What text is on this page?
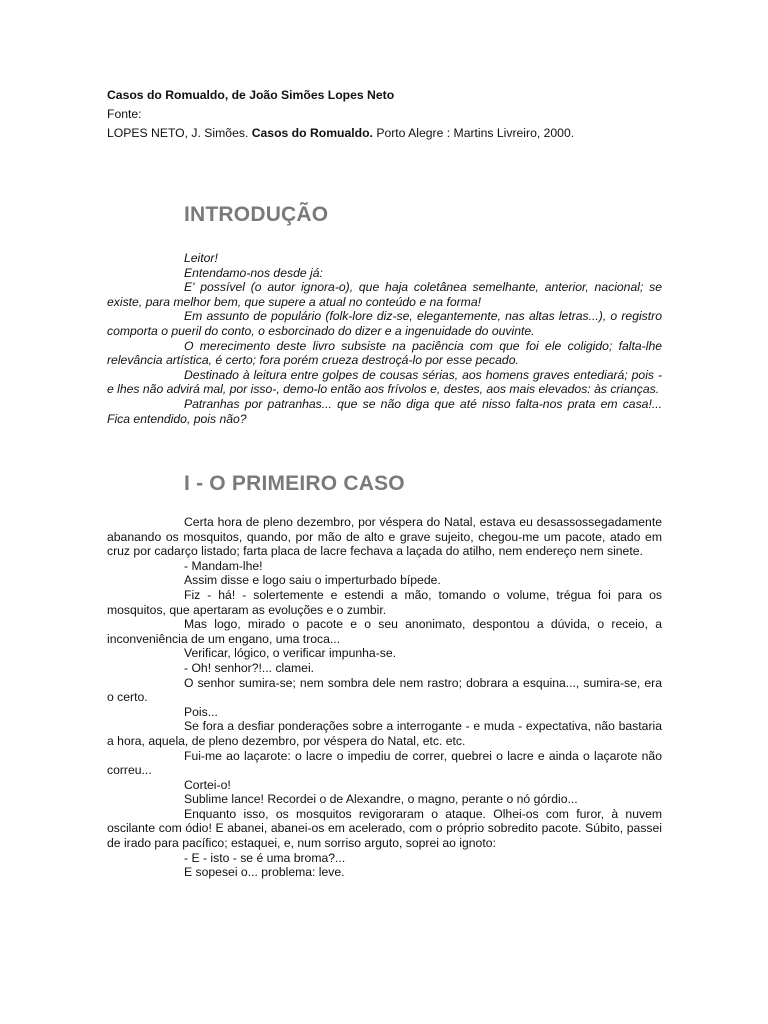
Casos do Romualdo, de João Simões Lopes Neto
Fonte:
LOPES NETO, J. Simões. Casos do Romualdo. Porto Alegre : Martins Livreiro, 2000.
INTRODUÇÃO

Leitor!

Entendamo-nos desde já:

E' possível (o autor ignora-o), que haja coletânea semelhante, anterior, nacional; se existe, para melhor bem, que supere a atual no conteúdo e na forma!

Em assunto de populário (folk-lore diz-se, elegantemente, nas altas letras...), o registro comporta o pueril do conto, o esborcinado do dizer e a ingenuidade do ouvinte.

O merecimento deste livro subsiste na paciência com que foi ele coligido; falta-lhe relevância artística, é certo; fora porém crueza destroçá-lo por esse pecado.

Destinado à leitura entre golpes de cousas sérias, aos homens graves entediará; pois - e lhes não advirá mal, por isso-, demo-lo então aos frívolos e, destes, aos mais elevados: às crianças.

Patranhas por patranhas... que se não diga que até nisso falta-nos prata em casa!... Fica entendido, pois não?

I - O PRIMEIRO CASO

Certa hora de pleno dezembro, por véspera do Natal, estava eu desassossegadamente abanando os mosquitos, quando, por mão de alto e grave sujeito, chegou-me um pacote, atado em cruz por cadarço listado; farta placa de lacre fechava a laçada do atilho, nem endereço nem sinete.

- Mandam-lhe!

Assim disse e logo saiu o imperturbado bípede.

Fiz - há! - solertemente e estendi a mão, tomando o volume, trégua foi para os mosquitos, que apertaram as evoluções e o zumbir.

Mas logo, mirado o pacote e o seu anonimato, despontou a dúvida, o receio, a inconveniência de um engano, uma troca...

Verificar, lógico, o verificar impunha-se.

- Oh! senhor?!... clamei.

O senhor sumira-se; nem sombra dele nem rastro; dobrara a esquina..., sumira-se, era o certo.

Pois...

Se fora a desfiar ponderações sobre a interrogante - e muda - expectativa, não bastaria a hora, aquela, de pleno dezembro, por véspera do Natal, etc. etc.

Fui-me ao laçarote: o lacre o impediu de correr, quebrei o lacre e ainda o laçarote não correu...

Cortei-o!

Sublime lance! Recordei o de Alexandre, o magno, perante o nó górdio...

Enquanto isso, os mosquitos revigoraram o ataque. Olhei-os com furor, à nuvem oscilante com ódio! E abanei, abanei-os em acelerado, com o próprio sobredito pacote. Súbito, passei de irado para pacífico; estaquei, e, num sorriso arguto, soprei ao ignoto:

- E - isto - se é uma broma?...

E sopesei o... problema: leve.
